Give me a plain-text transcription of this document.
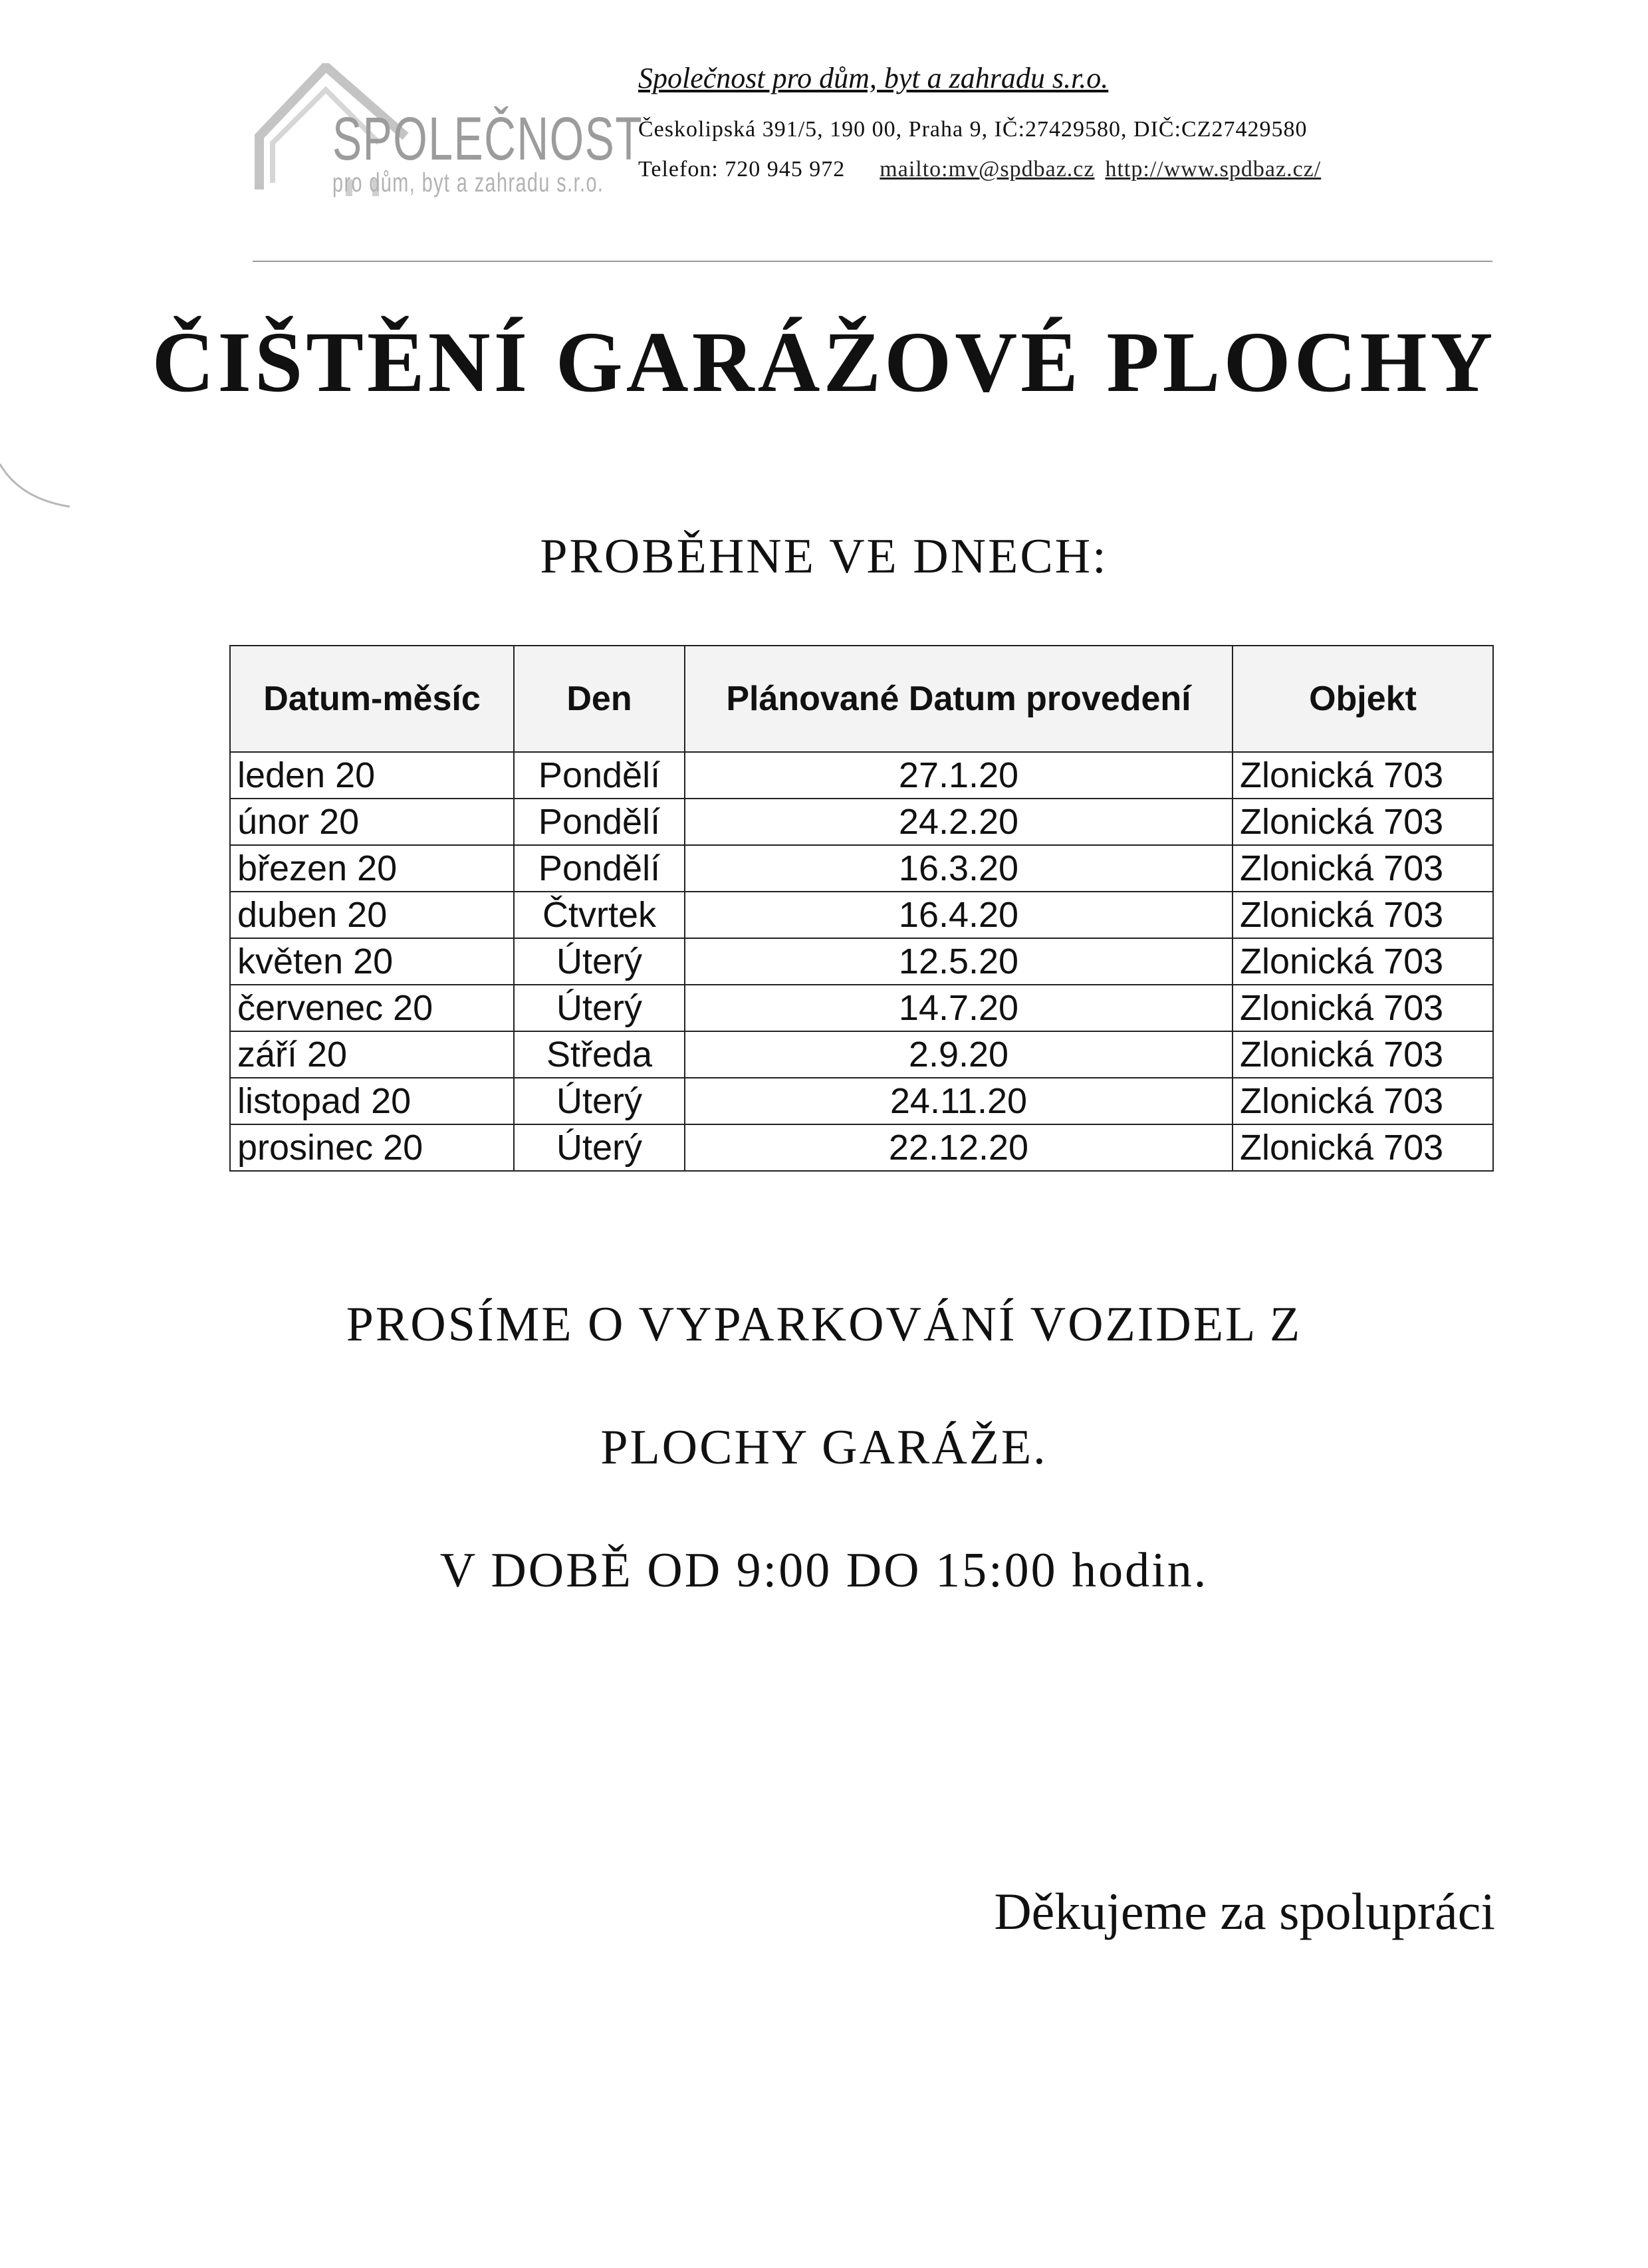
SPOLEČNOST
pro dům, byt a zahradu s.r.o.
Společnost pro dům, byt a zahradu s.r.o.
Českolipská 391/5, 190 00, Praha 9, IČ:27429580, DIČ:CZ27429580
Telefon: 720 945 972 mailto:mv@spdbaz.cz http://www.spdbaz.cz/
ČIŠTĚNÍ GARÁŽOVÉ PLOCHY
PROBĚHNE VE DNECH:
Datum-měsíc	Den	Plánované Datum provedení	Objekt
leden 20	Pondělí	27.1.20	Zlonická 703
únor 20	Pondělí	24.2.20	Zlonická 703
březen 20	Pondělí	16.3.20	Zlonická 703
duben 20	Čtvrtek	16.4.20	Zlonická 703
květen 20	Úterý	12.5.20	Zlonická 703
červenec 20	Úterý	14.7.20	Zlonická 703
září 20	Středa	2.9.20	Zlonická 703
listopad 20	Úterý	24.11.20	Zlonická 703
prosinec 20	Úterý	22.12.20	Zlonická 703
PROSÍME O VYPARKOVÁNÍ VOZIDEL Z
PLOCHY GARÁŽE.
V DOBĚ OD 9:00 DO 15:00 hodin.
Děkujeme za spolupráci
